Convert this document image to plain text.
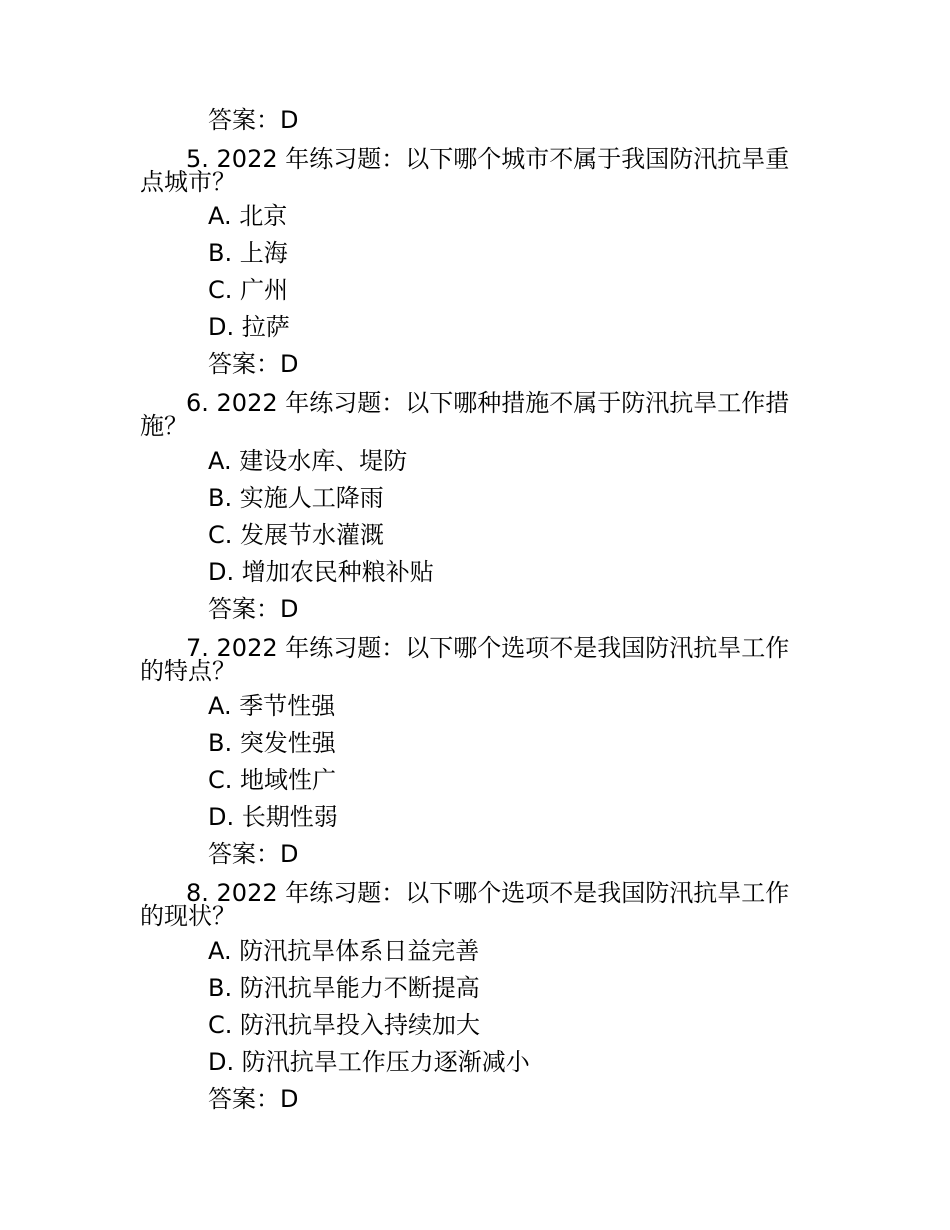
答案：D
5. 2022 年练习题：以下哪个城市不属于我国防汛抗旱重
点城市？
A. 北京
B. 上海
C. 广州
D. 拉萨
答案：D
6. 2022 年练习题：以下哪种措施不属于防汛抗旱工作措
施？
A. 建设水库、堤防
B. 实施人工降雨
C. 发展节水灌溉
D. 增加农民种粮补贴
答案：D
7. 2022 年练习题：以下哪个选项不是我国防汛抗旱工作
的特点？
A. 季节性强
B. 突发性强
C. 地域性广
D. 长期性弱
答案：D
8. 2022 年练习题：以下哪个选项不是我国防汛抗旱工作
的现状？
A. 防汛抗旱体系日益完善
B. 防汛抗旱能力不断提高
C. 防汛抗旱投入持续加大
D. 防汛抗旱工作压力逐渐减小
答案：D
